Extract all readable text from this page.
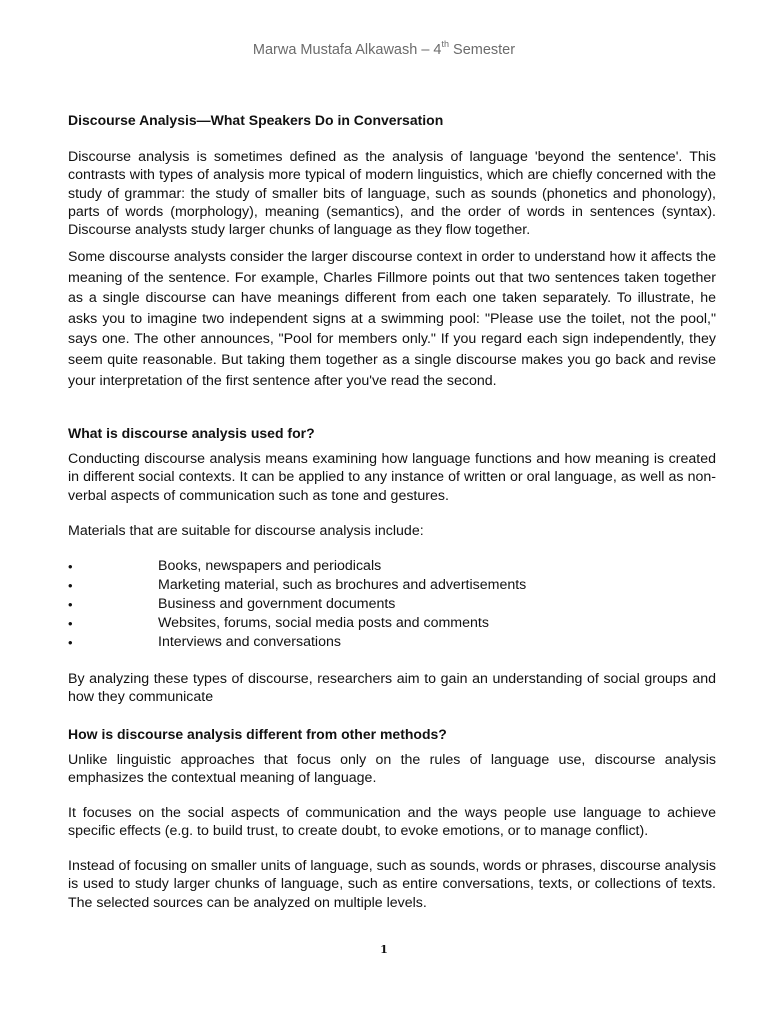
Marwa Mustafa Alkawash – 4th Semester

Discourse Analysis—What Speakers Do in Conversation

Discourse analysis is sometimes defined as the analysis of language 'beyond the sentence'. This contrasts with types of analysis more typical of modern linguistics, which are chiefly concerned with the study of grammar: the study of smaller bits of language, such as sounds (phonetics and phonology), parts of words (morphology), meaning (semantics), and the order of words in sentences (syntax). Discourse analysts study larger chunks of language as they flow together.

Some discourse analysts consider the larger discourse context in order to understand how it affects the meaning of the sentence. For example, Charles Fillmore points out that two sentences taken together as a single discourse can have meanings different from each one taken separately. To illustrate, he asks you to imagine two independent signs at a swimming pool: "Please use the toilet, not the pool," says one. The other announces, "Pool for members only." If you regard each sign independently, they seem quite reasonable. But taking them together as a single discourse makes you go back and revise your interpretation of the first sentence after you've read the second.

What is discourse analysis used for?

Conducting discourse analysis means examining how language functions and how meaning is created in different social contexts. It can be applied to any instance of written or oral language, as well as non-verbal aspects of communication such as tone and gestures.

Materials that are suitable for discourse analysis include:

•	Books, newspapers and periodicals
•	Marketing material, such as brochures and advertisements
•	Business and government documents
•	Websites, forums, social media posts and comments
•	Interviews and conversations

By analyzing these types of discourse, researchers aim to gain an understanding of social groups and how they communicate

How is discourse analysis different from other methods?

Unlike linguistic approaches that focus only on the rules of language use, discourse analysis emphasizes the contextual meaning of language.

It focuses on the social aspects of communication and the ways people use language to achieve specific effects (e.g. to build trust, to create doubt, to evoke emotions, or to manage conflict).

Instead of focusing on smaller units of language, such as sounds, words or phrases, discourse analysis is used to study larger chunks of language, such as entire conversations, texts, or collections of texts. The selected sources can be analyzed on multiple levels.

1
